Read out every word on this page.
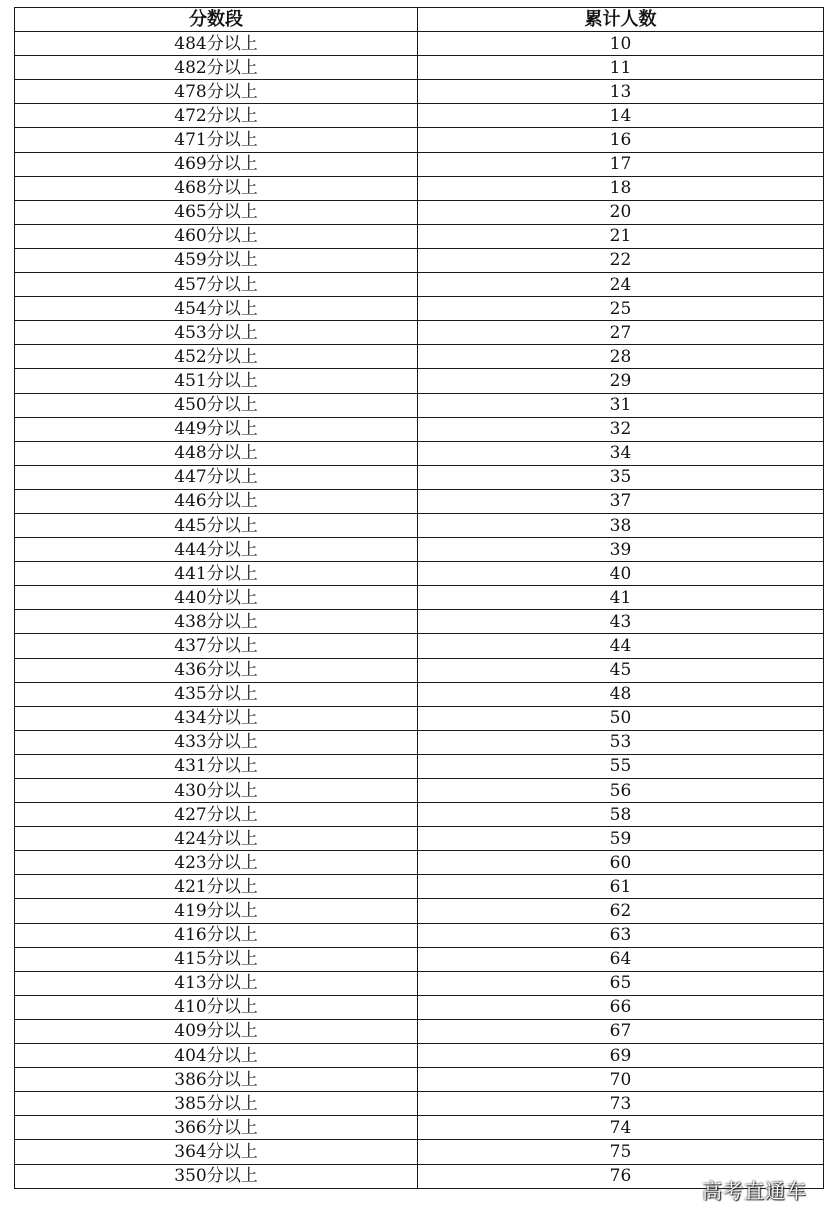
分数段	累计人数
484分以上	10
482分以上	11
478分以上	13
472分以上	14
471分以上	16
469分以上	17
468分以上	18
465分以上	20
460分以上	21
459分以上	22
457分以上	24
454分以上	25
453分以上	27
452分以上	28
451分以上	29
450分以上	31
449分以上	32
448分以上	34
447分以上	35
446分以上	37
445分以上	38
444分以上	39
441分以上	40
440分以上	41
438分以上	43
437分以上	44
436分以上	45
435分以上	48
434分以上	50
433分以上	53
431分以上	55
430分以上	56
427分以上	58
424分以上	59
423分以上	60
421分以上	61
419分以上	62
416分以上	63
415分以上	64
413分以上	65
410分以上	66
409分以上	67
404分以上	69
386分以上	70
385分以上	73
366分以上	74
364分以上	75
350分以上	76
高考直通车
